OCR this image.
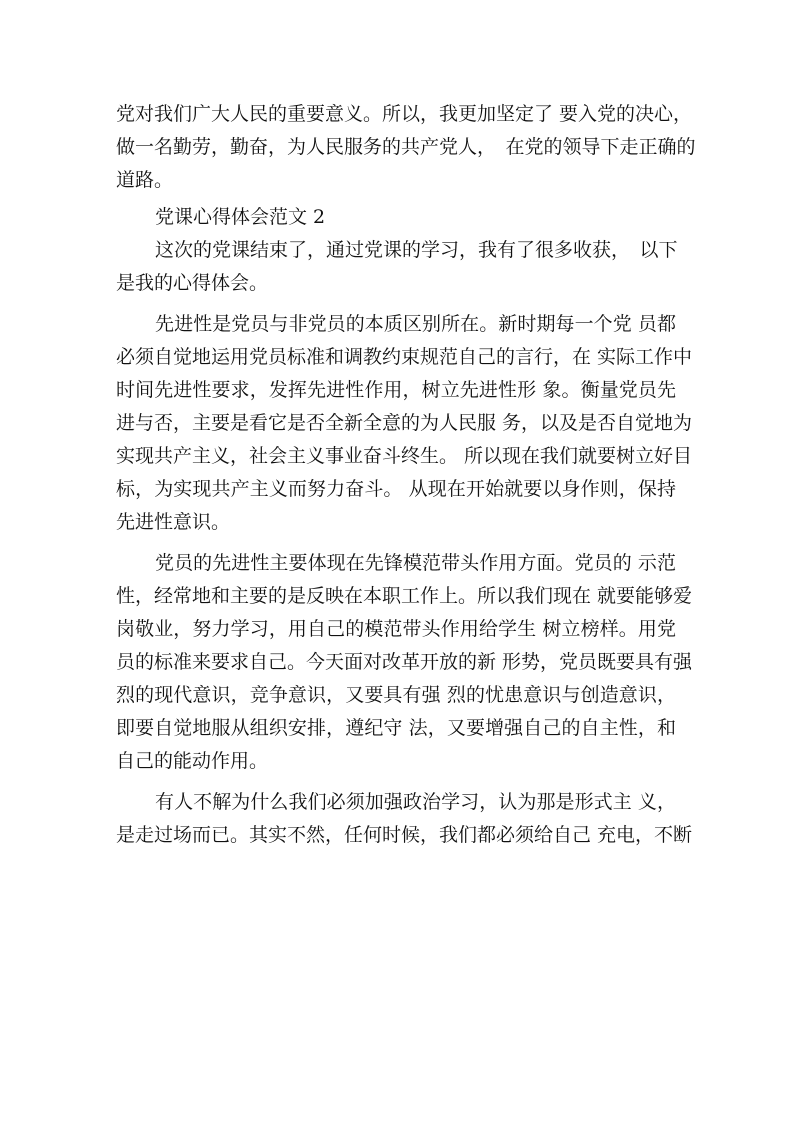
党对我们广大人民的重要意义。所以，我更加坚定了 要入党的决心，

做一名勤劳，勤奋，为人民服务的共产党人，　在党的领导下走正确的

道路。

党课心得体会范文 2

这次的党课结束了，通过党课的学习，我有了很多收获，　以下

是我的心得体会。

先进性是党员与非党员的本质区别所在。新时期每一个党 员都

必须自觉地运用党员标准和调教约束规范自己的言行，在 实际工作中

时间先进性要求，发挥先进性作用，树立先进性形 象。衡量党员先

进与否，主要是看它是否全新全意的为人民服 务，以及是否自觉地为

实现共产主义，社会主义事业奋斗终生。 所以现在我们就要树立好目

标，为实现共产主义而努力奋斗。 从现在开始就要以身作则，保持

先进性意识。

党员的先进性主要体现在先锋模范带头作用方面。党员的 示范

性，经常地和主要的是反映在本职工作上。所以我们现在 就要能够爱

岗敬业，努力学习，用自己的模范带头作用给学生 树立榜样。用党

员的标准来要求自己。今天面对改革开放的新 形势，党员既要具有强

烈的现代意识，竞争意识，又要具有强 烈的忧患意识与创造意识，

即要自觉地服从组织安排，遵纪守 法，又要增强自己的自主性，和

自己的能动作用。

有人不解为什么我们必须加强政治学习，认为那是形式主 义，

是走过场而已。其实不然，任何时候，我们都必须给自己 充电，不断
